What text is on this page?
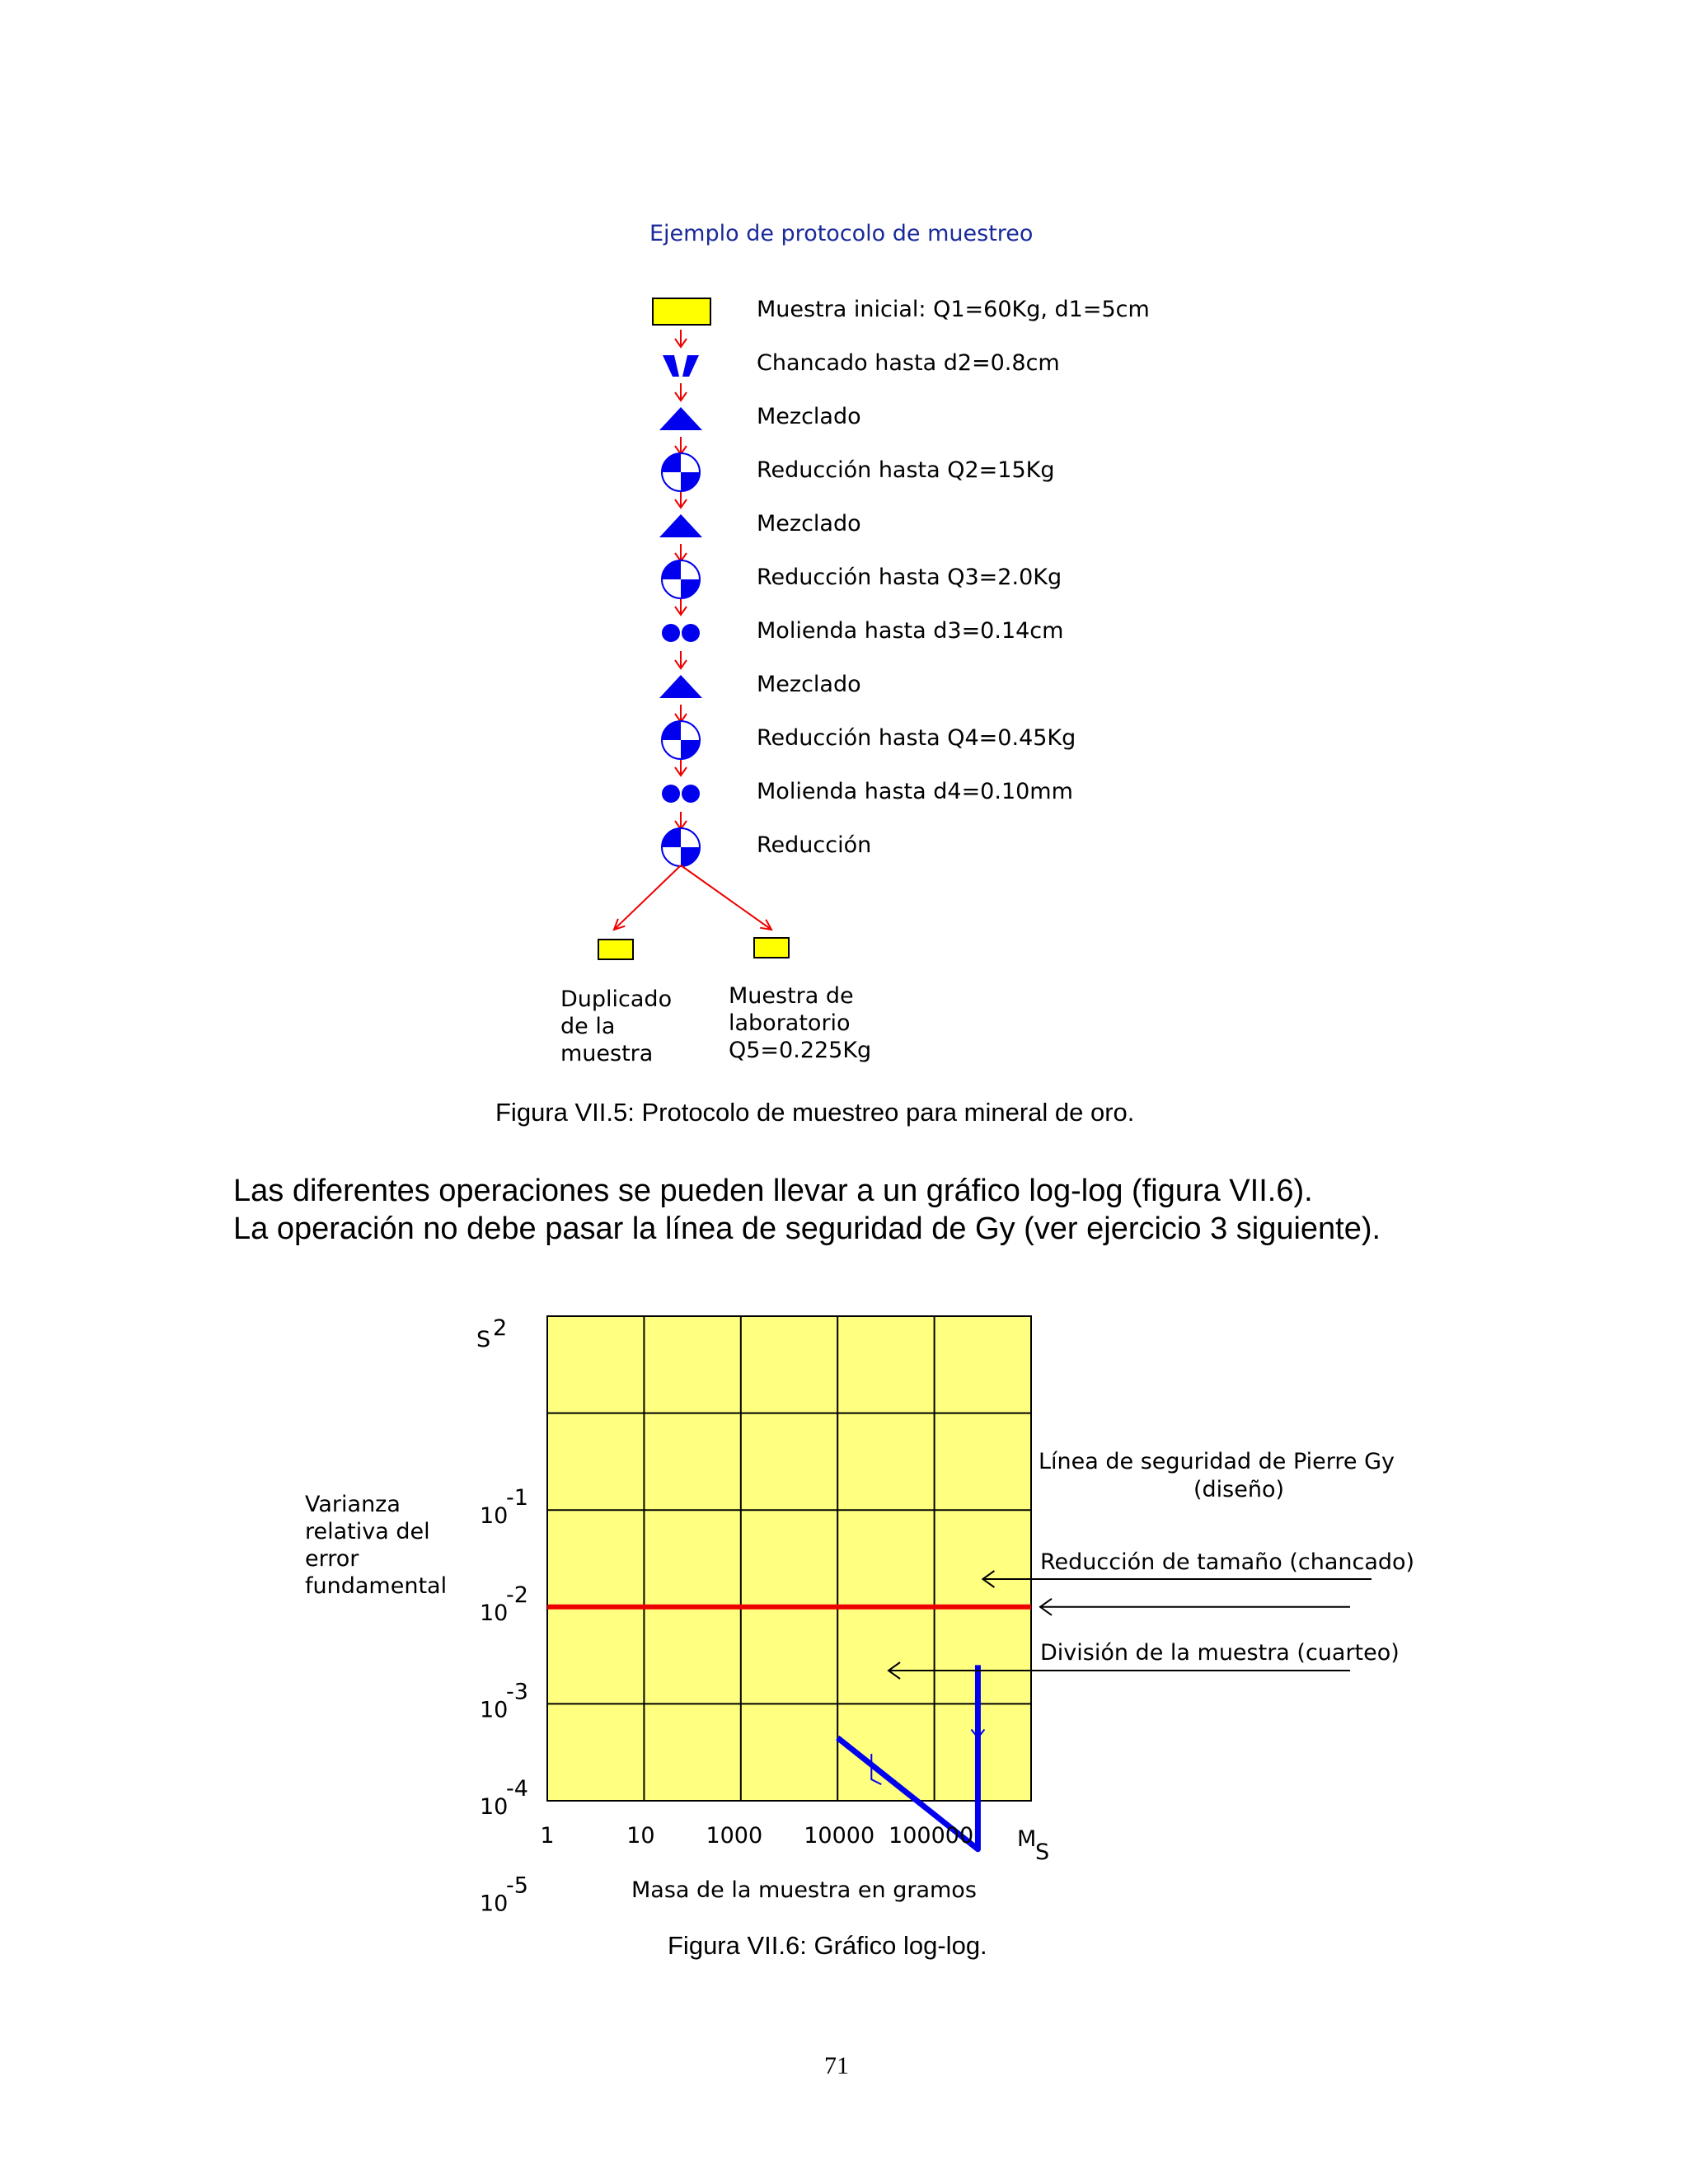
Ejemplo de protocolo de muestreo
Muestra inicial: Q1=60Kg, d1=5cm
Chancado hasta d2=0.8cm
Mezclado
Reducción hasta Q2=15Kg
Mezclado
Reducción hasta Q3=2.0Kg
Molienda hasta d3=0.14cm
Mezclado
Reducción hasta Q4=0.45Kg
Molienda hasta d4=0.10mm
Reducción
Duplicado
de la
muestra
Muestra de
laboratorio
Q5=0.225Kg
Figura VII.5: Protocolo de muestreo para mineral de oro.
Las diferentes operaciones se pueden llevar a un gráfico log-log (figura VII.6).
La operación no debe pasar la línea de seguridad de Gy (ver ejercicio 3 siguiente).
10
-1
10
-2
10
-3
10
-4
10
-5
S 2
Varianza
relativa del
error
fundamental
1	10 1000 10000 100000 M
S
Masa de la muestra en gramos
Línea de seguridad de Pierre Gy
(diseño)
Reducción de tamaño (chancado)
División de la muestra (cuarteo)
Figura VII.6: Gráfico log-log.
71
